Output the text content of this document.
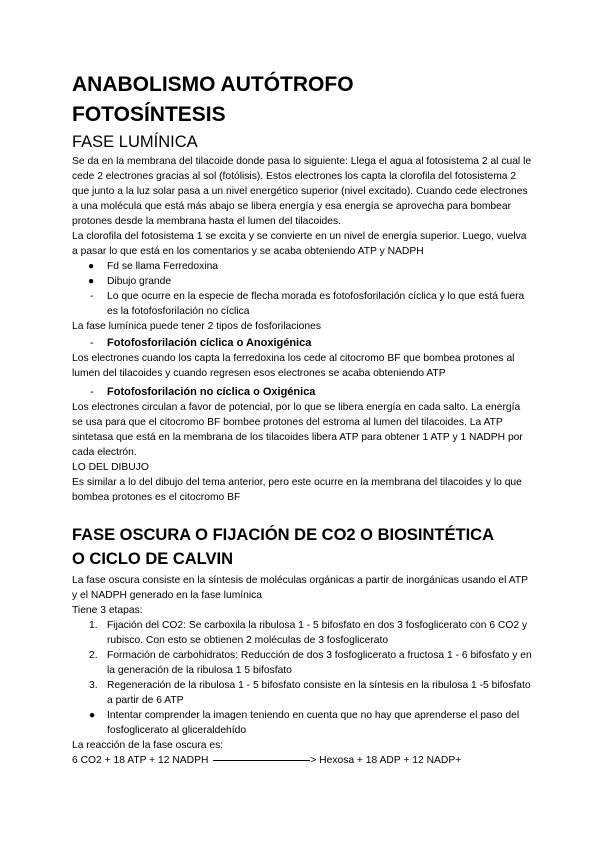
ANABOLISMO AUTÓTROFO
FOTOSÍNTESIS
FASE LUMÍNICA

Se da en la membrana del tilacoide donde pasa lo siguiente: Llega el agua al fotosistema 2 al cual le cede 2 electrones gracias al sol (fotólisis). Estos electrones los capta la clorofila del fotosistema 2 que junto a la luz solar pasa a un nivel energético superior (nivel excitado). Cuando cede electrones a una molécula que está más abajo se libera energía y esa energía se aprovecha para bombear protones desde la membrana hasta el lumen del tilacoides.

La clorofila del fotosistema 1 se excita y se convierte en un nivel de energía superior. Luego, vuelva a pasar lo que está en los comentarios y se acaba obteniendo ATP y NADPH

● Fd se llama Ferredoxina
● Dibujo grande
- Lo que ocurre en la especie de flecha morada es fotofosforilación cíclica y lo que está fuera es la fotofosforilación no cíclica

La fase lumínica puede tener 2 tipos de fosforilaciones

- Fotofosforilación cíclica o Anoxigénica

Los electrones cuando los capta la ferredoxina los cede al citocromo BF que bombea protones al lumen del tilacoides y cuando regresen esos electrones se acaba obteniendo ATP

- Fotofosforilación no cíclica o Oxigénica

Los electrones circulan a favor de potencial, por lo que se libera energía en cada salto. La energía se usa para que el citocromo BF bombee protones del estroma al lumen del tilacoides. La ATP sintetasa que está en la membrana de los tilacoides libera ATP para obtener 1 ATP y 1 NADPH por cada electrón.

LO DEL DIBUJO

Es similar a lo del dibujo del tema anterior, pero este ocurre en la membrana del tilacoides y lo que bombea protones es el citocromo BF

FASE OSCURA O FIJACIÓN DE CO2 O BIOSINTÉTICA
O CICLO DE CALVIN

La fase oscura consiste en la síntesis de moléculas orgánicas a partir de inorgánicas usando el ATP y el NADPH generado en la fase lumínica

Tiene 3 etapas:

1. Fijación del CO2: Se carboxila la ribulosa 1 - 5 bifosfato en dos 3 fosfoglicerato con 6 CO2 y rubisco. Con esto se obtienen 2 moléculas de 3 fosfoglicerato
2. Formación de carbohidratos: Reducción de dos 3 fosfoglicerato a fructosa 1 - 6 bifosfato y en la generación de la ribulosa 1 5 bifosfato
3. Regeneración de la ribulosa 1 - 5 bifosfato consiste en la síntesis en la ribulosa 1 -5 bifosfato a partir de 6 ATP
● Intentar comprender la imagen teniendo en cuenta que no hay que aprenderse el paso del fosfoglicerato al gliceraldehído

La reacción de la fase oscura es:

6 CO2 + 18 ATP + 12 NADPH	> Hexosa + 18 ADP + 12 NADP+
